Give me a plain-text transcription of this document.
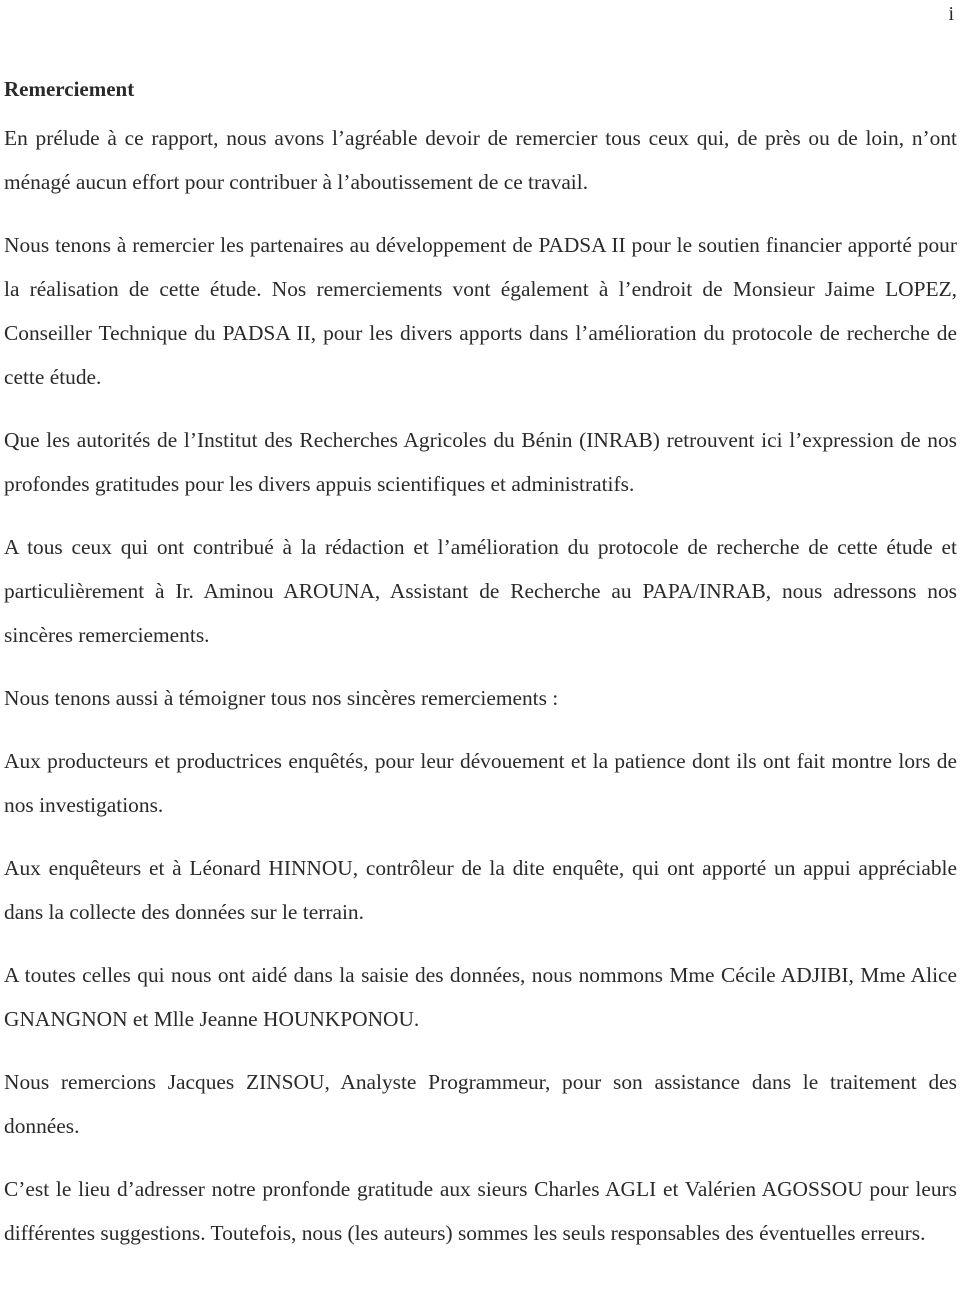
i
Remerciement

En prélude à ce rapport, nous avons l’agréable devoir de remercier tous ceux qui, de près ou de loin, n’ont ménagé aucun effort pour contribuer à l’aboutissement de ce travail.

Nous tenons à remercier les partenaires au développement de PADSA II pour le soutien financier apporté pour la réalisation de cette étude. Nos remerciements vont également à l’endroit de Monsieur Jaime LOPEZ, Conseiller Technique du PADSA II, pour les divers apports dans l’amélioration du protocole de recherche de cette étude.

Que les autorités de l’Institut des Recherches Agricoles du Bénin (INRAB) retrouvent ici l’expression de nos profondes gratitudes pour les divers appuis scientifiques et administratifs.

A tous ceux qui ont contribué à la rédaction et l’amélioration du protocole de recherche de cette étude et particulièrement à Ir. Aminou AROUNA, Assistant de Recherche au PAPA/INRAB, nous adressons nos sincères remerciements.

Nous tenons aussi à témoigner tous nos sincères remerciements :

Aux producteurs et productrices enquêtés, pour leur dévouement et la patience dont ils ont fait montre lors de nos investigations.

Aux enquêteurs et à Léonard HINNOU, contrôleur de la dite enquête, qui ont apporté un appui appréciable dans la collecte des données sur le terrain.

A toutes celles qui nous ont aidé dans la saisie des données, nous nommons Mme Cécile ADJIBI, Mme Alice GNANGNON et Mlle Jeanne HOUNKPONOU.

Nous remercions Jacques ZINSOU, Analyste Programmeur, pour son assistance dans le traitement des données.

C’est le lieu d’adresser notre pronfonde gratitude aux sieurs Charles AGLI et Valérien AGOSSOU pour leurs différentes suggestions. Toutefois, nous (les auteurs) sommes les seuls responsables des éventuelles erreurs.
